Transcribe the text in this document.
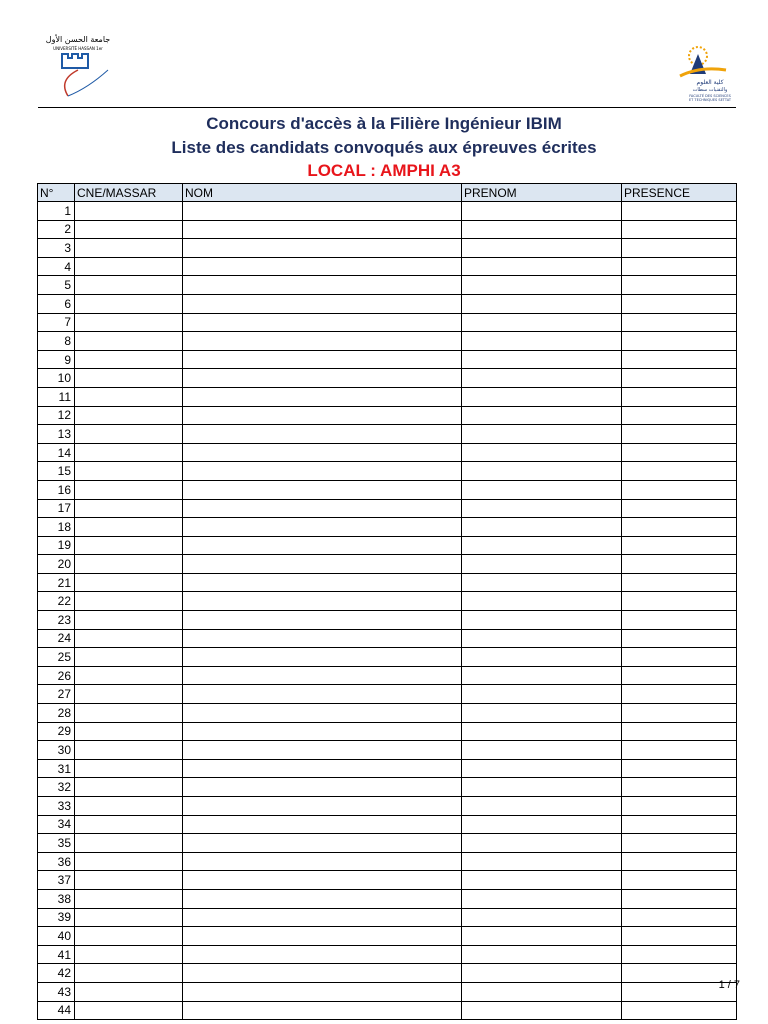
جامعة الحسن الأول
UNIVERSITÉ HASSAN 1er
كلية العلوم
والتقنيات سطات
FACULTÉ DES SCIENCES
ET TECHNIQUES SETTAT
Concours d'accès à la Filière Ingénieur IBIM
Liste des candidats convoqués aux épreuves écrites
LOCAL : AMPHI A3
N°	CNE/MASSAR	NOM	PRENOM	PRESENCE
1				
2				
3				
4				
5				
6				
7				
8				
9				
10				
11				
12				
13				
14				
15				
16				
17				
18				
19				
20				
21				
22				
23				
24				
25				
26				
27				
28				
29				
30				
31				
32				
33				
34				
35				
36				
37				
38				
39				
40				
41				
42				
43				
44				
1 / 7
